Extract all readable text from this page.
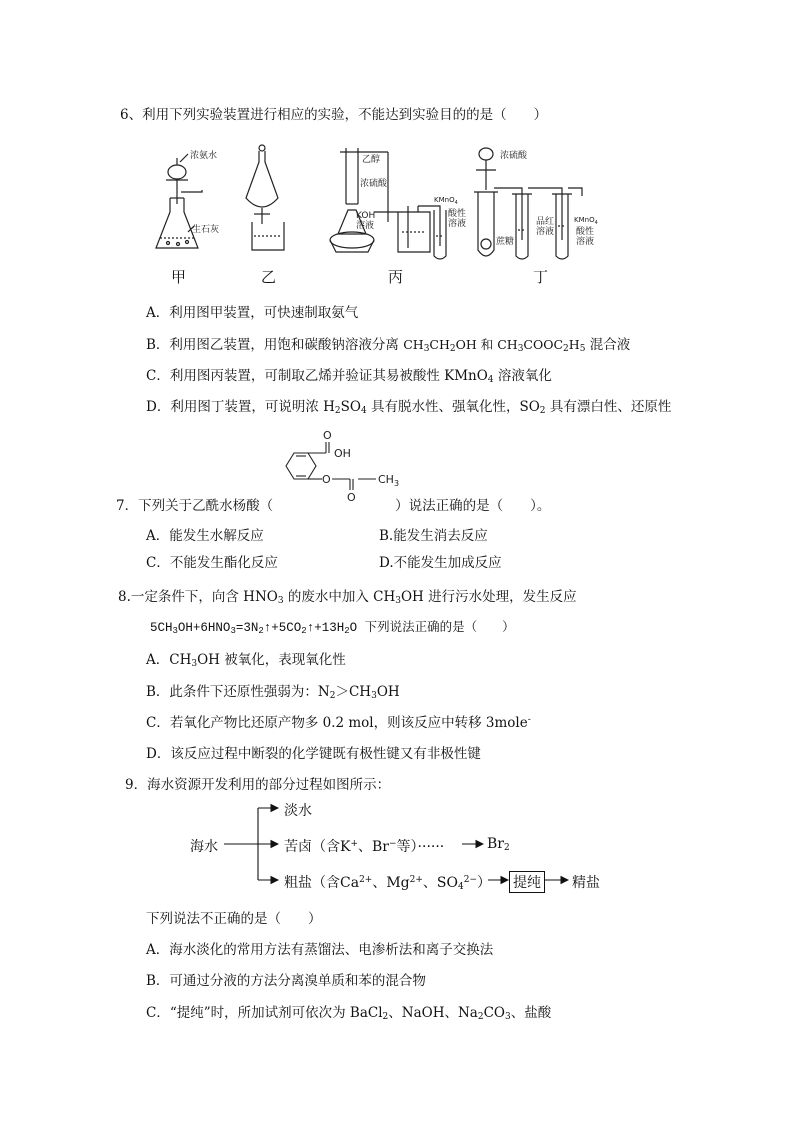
6、利用下列实验装置进行相应的实验，不能达到实验目的的是（　　）
浓氨水
生石灰
乙醇
浓硫酸
KOH
溶液
KMnO$_4$
酸性
溶液
浓硫酸
蔗糖
品红
溶液
KMnO$_4$
酸性
溶液
甲	乙	丙	丁
A．利用图甲装置，可快速制取氨气
B．利用图乙装置，用饱和碳酸钠溶液分离 $CH_3CH_2OH$ 和 $CH_3COOC_2H_5$ 混合液
C．利用图丙装置，可制取乙烯并验证其易被酸性 KMnO$_4$ 溶液氧化
D．利用图丁装置，可说明浓 $H_2SO_4$ 具有脱水性、强氧化性，$SO_2$ 具有漂白性、还原性
O
OH
O	$CH_3$
O
7．下列关于乙酰水杨酸（	）说法正确的是（　　）。
A．能发生水解反应	B.能发生消去反应
C．不能发生酯化反应	D.不能发生加成反应
8.一定条件下，向含 $HNO_3$ 的废水中加入 $CH_3OH$ 进行污水处理，发生反应
$5CH_3OH+6HNO_3=3N_2↑+5CO_2↑+13H_2O$ 下列说法正确的是（　　）
A．$CH_3OH$ 被氧化，表现氧化性
B．此条件下还原性强弱为：$N_2>CH_3OH$
C．若氧化产物比还原产物多 0.2 mol，则该反应中转移 3mole-
D．该反应过程中断裂的化学键既有极性键又有非极性键
9．海水资源开发利用的部分过程如图所示：
海水
淡水
苦卤（含K+、Br−等）······	$Br_2$
粗盐（含$Ca^{2+}$、$Mg^{2+}$、$SO_4^{2-}$） 提纯 精盐
下列说法不正确的是（　　）
A．海水淡化的常用方法有蒸馏法、电渗析法和离子交换法
B．可通过分液的方法分离溴单质和苯的混合物
C．“提纯”时，所加试剂可依次为 BaCl$_2$、NaOH、$Na_2CO_3$、盐酸
